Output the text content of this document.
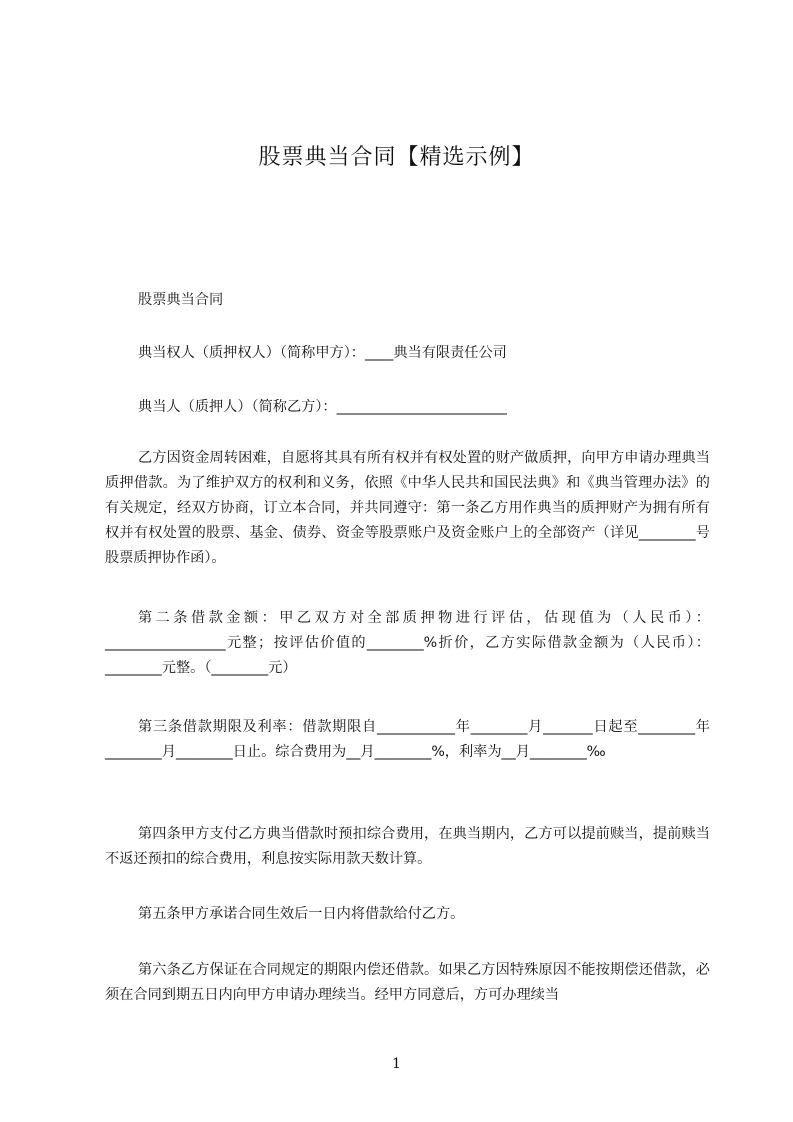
股票典当合同【精选示例】

股票典当合同

典当权人（质押权人）（简称甲方）：____典当有限责任公司

典当人（质押人）（简称乙方）：________________________

乙方因资金周转困难，自愿将其具有所有权并有权处置的财产做质押，向甲方申请办理典当质押借款。为了维护双方的权利和义务，依照《中华人民共和国民法典》和《典当管理办法》的有关规定，经双方协商，订立本合同，并共同遵守：第一条乙方用作典当的质押财产为拥有所有权并有权处置的股票、基金、债券、资金等股票账户及资金账户上的全部资产（详见________号股票质押协作函）。

第二条借款金额：甲乙双方对全部质押物进行评估，估现值为（人民币）：_________________元整；按评估价值的________%折价，乙方实际借款金额为（人民币）：________元整。（________元）

第三条借款期限及利率：借款期限自___________年________月_______日起至________年________月________日止。综合费用为__月________%，利率为__月________‰

第四条甲方支付乙方典当借款时预扣综合费用，在典当期内，乙方可以提前赎当，提前赎当不返还预扣的综合费用，利息按实际用款天数计算。

第五条甲方承诺合同生效后一日内将借款给付乙方。

第六条乙方保证在合同规定的期限内偿还借款。如果乙方因特殊原因不能按期偿还借款，必须在合同到期五日内向甲方申请办理续当。经甲方同意后，方可办理续当

1
